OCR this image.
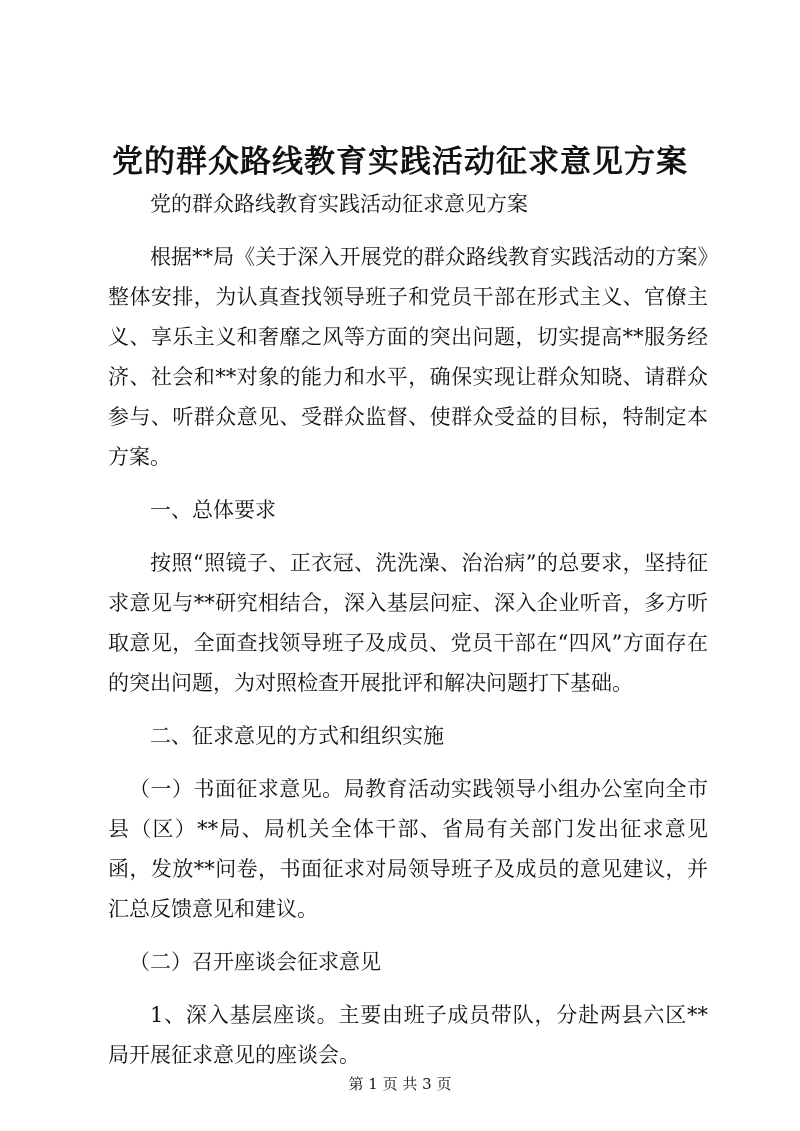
党的群众路线教育实践活动征求意见方案

党的群众路线教育实践活动征求意见方案

根据**局《关于深入开展党的群众路线教育实践活动的方案》整体安排，为认真查找领导班子和党员干部在形式主义、官僚主义、享乐主义和奢靡之风等方面的突出问题，切实提高**服务经济、社会和**对象的能力和水平，确保实现让群众知晓、请群众参与、听群众意见、受群众监督、使群众受益的目标，特制定本方案。

一、总体要求

按照“照镜子、正衣冠、洗洗澡、治治病”的总要求，坚持征求意见与**研究相结合，深入基层问症、深入企业听音，多方听取意见，全面查找领导班子及成员、党员干部在“四风”方面存在的突出问题，为对照检查开展批评和解决问题打下基础。

二、征求意见的方式和组织实施

（一）书面征求意见。局教育活动实践领导小组办公室向全市县（区）**局、局机关全体干部、省局有关部门发出征求意见函，发放**问卷，书面征求对局领导班子及成员的意见建议，并汇总反馈意见和建议。

（二）召开座谈会征求意见

1、深入基层座谈。主要由班子成员带队，分赴两县六区**局开展征求意见的座谈会。

第 1 页 共 3 页
